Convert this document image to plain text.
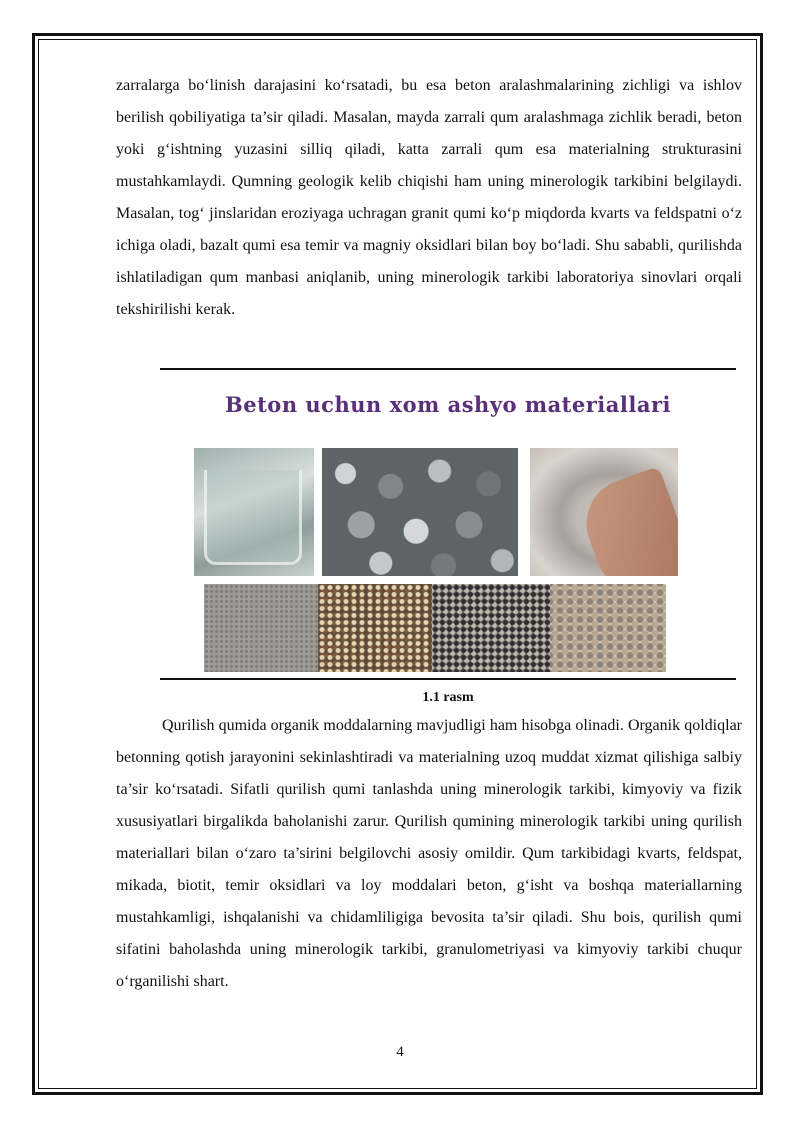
zarralarga bo‘linish darajasini ko‘rsatadi, bu esa beton aralashmalarining zichligi va ishlov berilish qobiliyatiga ta’sir qiladi. Masalan, mayda zarrali qum aralashmaga zichlik beradi, beton yoki g‘ishtning yuzasini silliq qiladi, katta zarrali qum esa materialning strukturasini mustahkamlaydi. Qumning geologik kelib chiqishi ham uning minerologik tarkibini belgilaydi. Masalan, tog‘ jinslaridan eroziyaga uchragan granit qumi ko‘p miqdorda kvarts va feldspatni o‘z ichiga oladi, bazalt qumi esa temir va magniy oksidlari bilan boy bo‘ladi. Shu sababli, qurilishda ishlatiladigan qum manbasi aniqlanib, uning minerologik tarkibi laboratoriya sinovlari orqali tekshirilishi kerak.

Beton uchun xom ashyo materiallari
1.1 rasm

Qurilish qumida organik moddalarning mavjudligi ham hisobga olinadi. Organik qoldiqlar betonning qotish jarayonini sekinlashtiradi va materialning uzoq muddat xizmat qilishiga salbiy ta’sir ko‘rsatadi. Sifatli qurilish qumi tanlashda uning minerologik tarkibi, kimyoviy va fizik xususiyatlari birgalikda baholanishi zarur. Qurilish qumining minerologik tarkibi uning qurilish materiallari bilan o‘zaro ta’sirini belgilovchi asosiy omildir. Qum tarkibidagi kvarts, feldspat, mikada, biotit, temir oksidlari va loy moddalari beton, g‘isht va boshqa materiallarning mustahkamligi, ishqalanishi va chidamliligiga bevosita ta’sir qiladi. Shu bois, qurilish qumi sifatini baholashda uning minerologik tarkibi, granulometriyasi va kimyoviy tarkibi chuqur o‘rganilishi shart.

4
